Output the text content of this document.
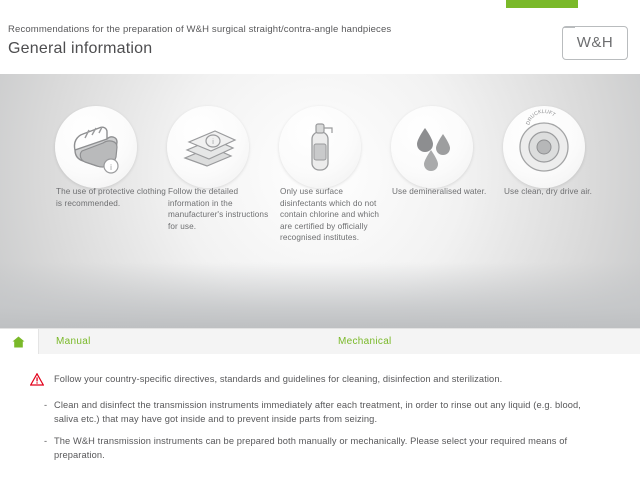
Recommendations for the preparation of W&H surgical straight/contra-angle handpieces
General information	W&H
i
i
DRUCKLUFT
The use of protective clothing is recommended.
Follow the detailed information in the manufacturer's instructions for use.
Only use surface disinfectants which do not contain chlorine and which are certified by officially recognised institutes.
Use demineralised water.	Use clean, dry drive air.
Manual	Mechanical
Follow your country-specific directives, standards and guidelines for cleaning, disinfection and sterilization.
- Clean and disinfect the transmission instruments immediately after each treatment, in order to rinse out any liquid (e.g. blood, saliva etc.) that may have got inside and to prevent inside parts from seizing.
- The W&H transmission instruments can be prepared both manually or mechanically. Please select your required means of preparation.
